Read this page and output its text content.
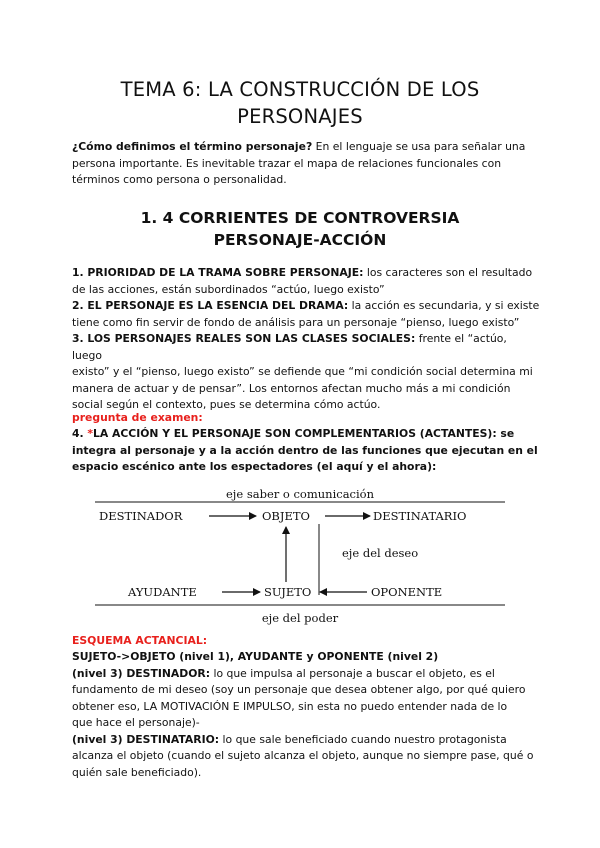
TEMA 6: LA CONSTRUCCIÓN DE LOS
PERSONAJES
¿Cómo definimos el término personaje? En el lenguaje se usa para señalar una
persona importante. Es inevitable trazar el mapa de relaciones funcionales con
términos como persona o personalidad.
1. 4 CORRIENTES DE CONTROVERSIA
PERSONAJE-ACCIÓN
1. PRIORIDAD DE LA TRAMA SOBRE PERSONAJE: los caracteres son el resultado
de las acciones, están subordinados “actúo, luego existo”
2. EL PERSONAJE ES LA ESENCIA DEL DRAMA: la acción es secundaria, y si existe
tiene como fin servir de fondo de análisis para un personaje “pienso, luego existo”
3. LOS PERSONAJES REALES SON LAS CLASES SOCIALES: frente el “actúo, luego
existo” y el “pienso, luego existo” se defiende que “mi condición social determina mi
manera de actuar y de pensar”. Los entornos afectan mucho más a mi condición
social según el contexto, pues se determina cómo actúo.
pregunta de examen:
4. *LA ACCIÓN Y EL PERSONAJE SON COMPLEMENTARIOS (ACTANTES): se
integra al personaje y a la acción dentro de las funciones que ejecutan en el
espacio escénico ante los espectadores (el aquí y el ahora):
eje saber o comunicación
DESTINADOR	OBJETO	DESTINATARIO
eje del deseo
AYUDANTE	SUJETO	OPONENTE
eje del poder
ESQUEMA ACTANCIAL:
SUJETO->OBJETO (nivel 1), AYUDANTE y OPONENTE (nivel 2)
(nivel 3) DESTINADOR: lo que impulsa al personaje a buscar el objeto, es el
fundamento de mi deseo (soy un personaje que desea obtener algo, por qué quiero
obtener eso, LA MOTIVACIÓN E IMPULSO, sin esta no puedo entender nada de lo
que hace el personaje)-
(nivel 3) DESTINATARIO: lo que sale beneficiado cuando nuestro protagonista
alcanza el objeto (cuando el sujeto alcanza el objeto, aunque no siempre pase, qué o
quién sale beneficiado).
